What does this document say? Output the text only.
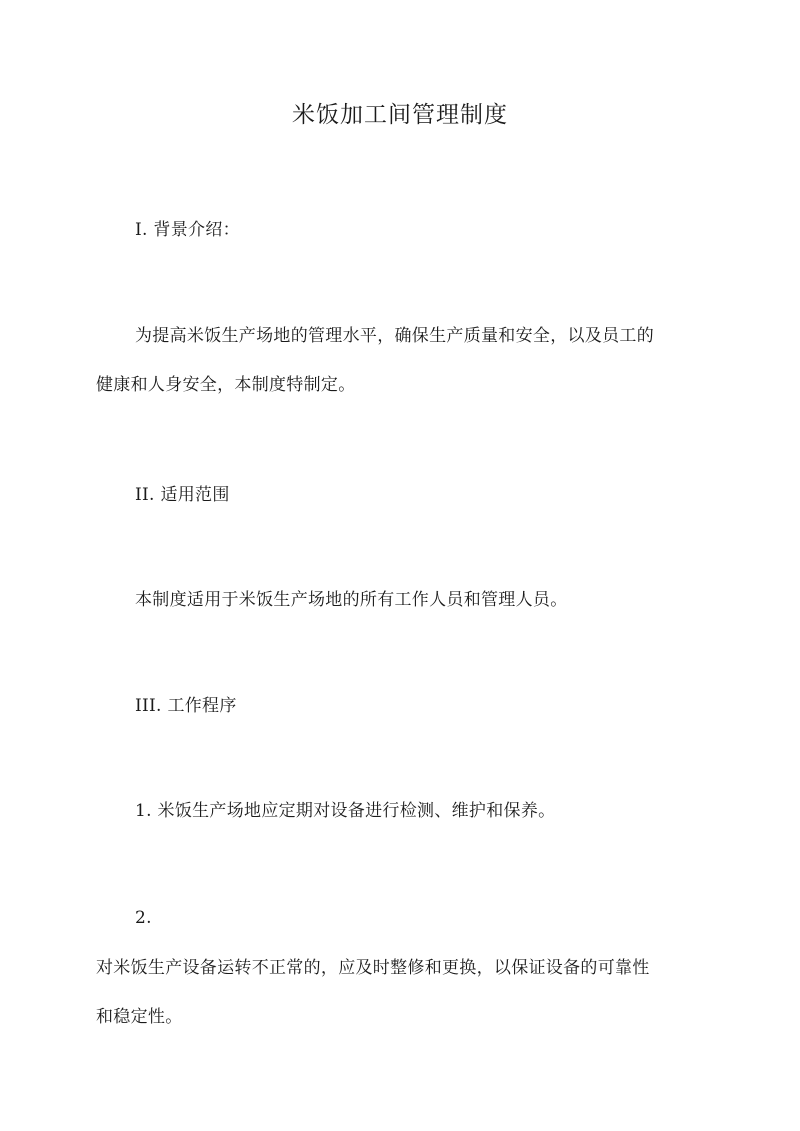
米饭加工间管理制度

I. 背景介绍：

为提高米饭生产场地的管理水平，确保生产质量和安全，以及员工的

健康和人身安全，本制度特制定。

II. 适用范围

本制度适用于米饭生产场地的所有工作人员和管理人员。

III. 工作程序

1. 米饭生产场地应定期对设备进行检测、维护和保养。

2.

对米饭生产设备运转不正常的，应及时整修和更换，以保证设备的可靠性

和稳定性。
